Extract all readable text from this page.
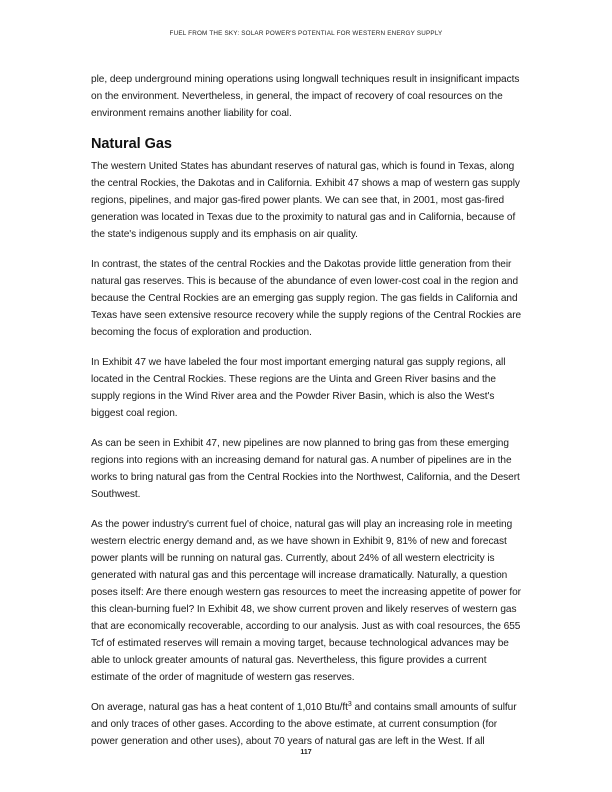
FUEL FROM THE SKY: SOLAR POWER'S POTENTIAL FOR WESTERN ENERGY SUPPLY

ple, deep underground mining operations using longwall techniques result in insignificant impacts on the environment. Nevertheless, in general, the impact of recovery of coal resources on the environment remains another liability for coal.

Natural Gas

The western United States has abundant reserves of natural gas, which is found in Texas, along the central Rockies, the Dakotas and in California. Exhibit 47 shows a map of western gas supply regions, pipelines, and major gas-fired power plants. We can see that, in 2001, most gas-fired generation was located in Texas due to the proximity to natural gas and in California, because of the state's indigenous supply and its emphasis on air quality.

In contrast, the states of the central Rockies and the Dakotas provide little generation from their natural gas reserves. This is because of the abundance of even lower-cost coal in the region and because the Central Rockies are an emerging gas supply region. The gas fields in California and Texas have seen extensive resource recovery while the supply regions of the Central Rockies are becoming the focus of exploration and production.

In Exhibit 47 we have labeled the four most important emerging natural gas supply regions, all located in the Central Rockies. These regions are the Uinta and Green River basins and the supply regions in the Wind River area and the Powder River Basin, which is also the West's biggest coal region.

As can be seen in Exhibit 47, new pipelines are now planned to bring gas from these emerging regions into regions with an increasing demand for natural gas. A number of pipelines are in the works to bring natural gas from the Central Rockies into the Northwest, California, and the Desert Southwest.

As the power industry's current fuel of choice, natural gas will play an increasing role in meeting western electric energy demand and, as we have shown in Exhibit 9, 81% of new and forecast power plants will be running on natural gas. Currently, about 24% of all western electricity is generated with natural gas and this percentage will increase dramatically. Naturally, a question poses itself: Are there enough western gas resources to meet the increasing appetite of power for this clean-burning fuel? In Exhibit 48, we show current proven and likely reserves of western gas that are economically recoverable, according to our analysis. Just as with coal resources, the 655 Tcf of estimated reserves will remain a moving target, because technological advances may be able to unlock greater amounts of natural gas. Nevertheless, this figure provides a current estimate of the order of magnitude of western gas reserves.

On average, natural gas has a heat content of 1,010 Btu/$ft^3$ and contains small amounts of sulfur and only traces of other gases. According to the above estimate, at current consumption (for power generation and other uses), about 70 years of natural gas are left in the West. If all

117
